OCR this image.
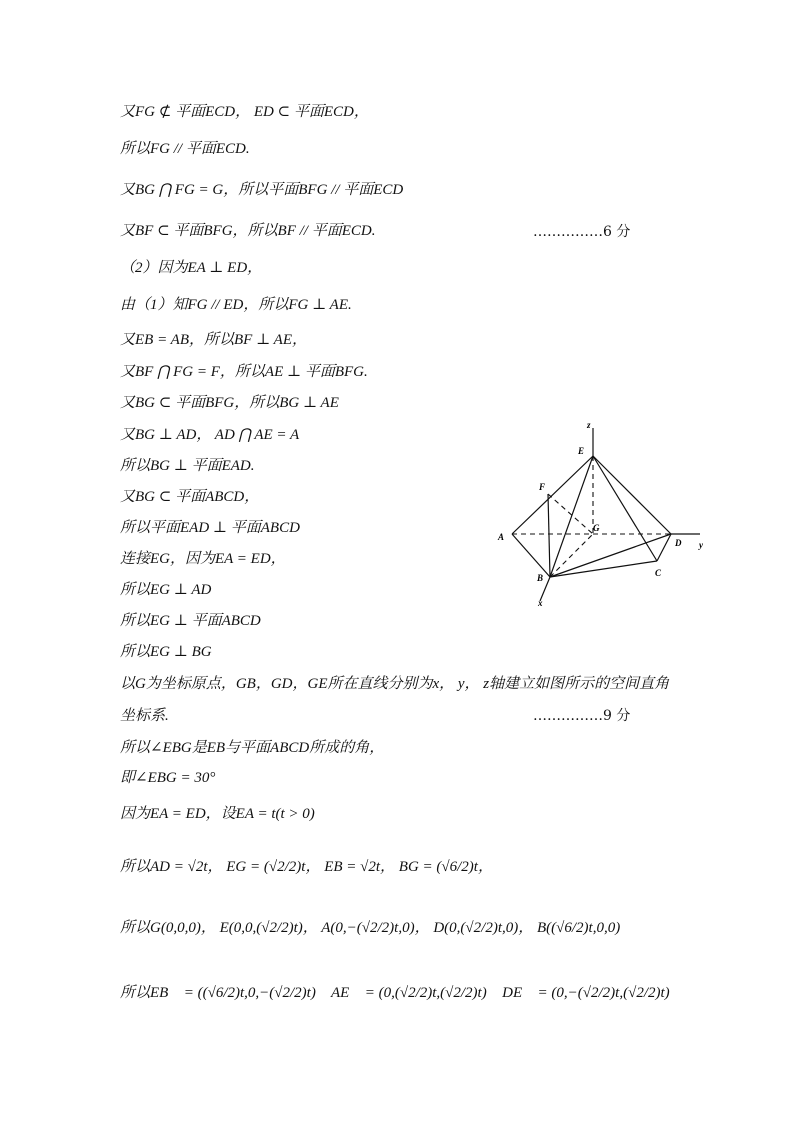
又FG ⊄ 平面ECD， ED ⊂ 平面ECD，
所以FG // 平面ECD.
又BG ⋂ FG = G，所以平面BFG // 平面ECD
又BF ⊂ 平面BFG，所以BF // 平面ECD.	……………6 分
（2）因为EA ⊥ ED，
由（1）知FG // ED，所以FG ⊥ AE.
又EB = AB，所以BF ⊥ AE，
又BF ⋂ FG = F，所以AE ⊥ 平面BFG.
又BG ⊂ 平面BFG，所以BG ⊥ AE
又BG ⊥ AD， AD ⋂ AE = A
所以BG ⊥ 平面EAD.
又BG ⊂ 平面ABCD，
所以平面EAD ⊥ 平面ABCD
连接EG，因为EA = ED，
所以EG ⊥ AD
所以EG ⊥ 平面ABCD
所以EG ⊥ BG
以G为坐标原点，GB，GD，GE所在直线分别为x， y， z轴建立如图所示的空间直角
坐标系.	……………9 分
所以∠EBG是EB与平面ABCD所成的角，
即∠EBG = 30°
因为EA = ED，设EA = t(t > 0)
所以AD = √2t， EG = (√2/2)t， EB = √2t， BG = (√6/2)t，
所以G(0,0,0)， E(0,0,(√2/2)t)， A(0,−(√2/2)t,0)， D(0,(√2/2)t,0)， B((√6/2)t,0,0)
所以EB⃗ = ((√6/2)t,0,−(√2/2)t)， AE⃗ = (0,(√2/2)t,(√2/2)t)， DE⃗ = (0,−(√2/2)t,(√2/2)t)
z
E
F
G
A
D y
B	C
x
